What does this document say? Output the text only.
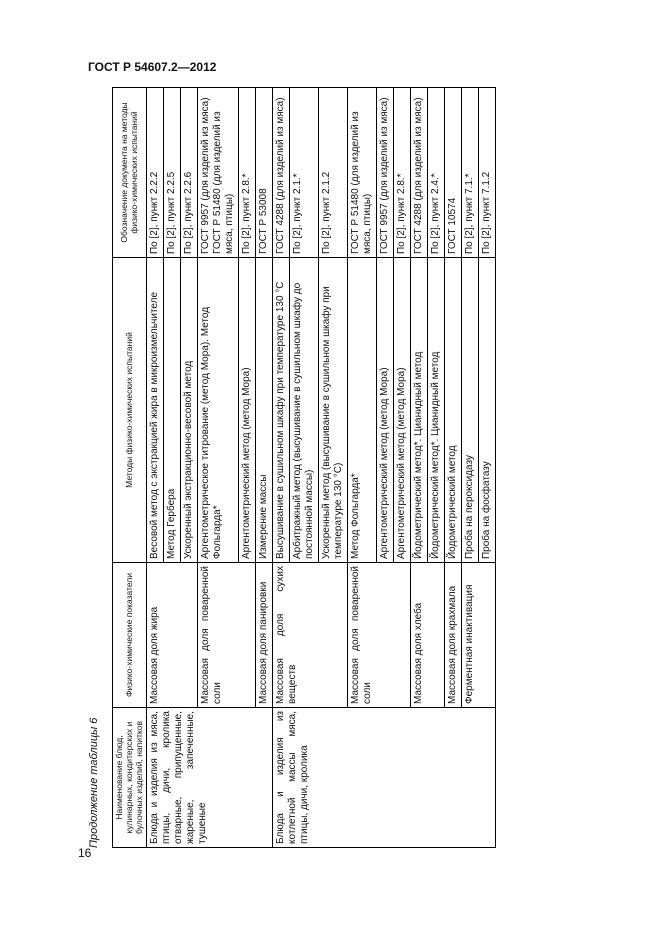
ГОСТ Р 54607.2—2012
Продолжение таблицы 6 Наименование блюд, кулинарных, кондитерских и булочных изделий, напитков	Физико-химические показатели	Методы физико-химических испытаний	Обозначение документа на методы физико-химических испытаний
Блюда и изделия из мяса, птицы, дичи, кролика отварные, припущенные, жареные, запеченные, тушеные	Массовая доля жира	Весовой метод с экстракцией жира в микроизмельчителе	По [2], пункт 2.2.2
		Метод Гербера	По [2], пункт 2.2.5
		Ускоренный экстракционно-весовой метод	По [2], пункт 2.2.6
	Массовая доля поваренной соли	Аргентометрическое титрование (метод Мора). Метод Фольгарда*	ГОСТ 9957 (для изделий из мяса) ГОСТ Р 51480 (для изделий из мяса, птицы)
		Аргентометрический метод (метод Мора)	По [2], пункт 2.8.*
	Массовая доля панировки	Измерение массы	ГОСТ Р 53008
Блюда и изделия из котлетной массы мяса, птицы, дичи, кролика	Массовая доля сухих веществ	Высушивание в сушильном шкафу при температуре 130 °C	ГОСТ 4288 (для изделий из мяса)
		Арбитражный метод (высушивание в сушильном шкафу до постоянной массы)	По [2], пункт 2.1.*
		Ускоренный метод (высушивание в сушильном шкафу при температуре 130 °C)	По [2], пункт 2.1.2
	Массовая доля поваренной соли	Метод Фольгарда*	ГОСТ Р 51480 (для изделий из мяса, птицы)
		Аргентометрический метод (метод Мора)	ГОСТ 9957 (для изделий из мяса)
		Аргентометрический метод (метод Мора)	По [2], пункт 2.8.*
	Массовая доля хлеба	Йодометрический метод*. Цианидный метод	ГОСТ 4288 (для изделий из мяса)
		Йодометрический метод*. Цианидный метод	По [2], пункт 2.4.*
	Массовая доля крахмала	Йодометрический метод	ГОСТ 10574
	Ферментная инактивация	Проба на пероксидазу	По [2], пункт 7.1.*
		Проба на фосфатазу	По [2], пункт 7.1.2
16
